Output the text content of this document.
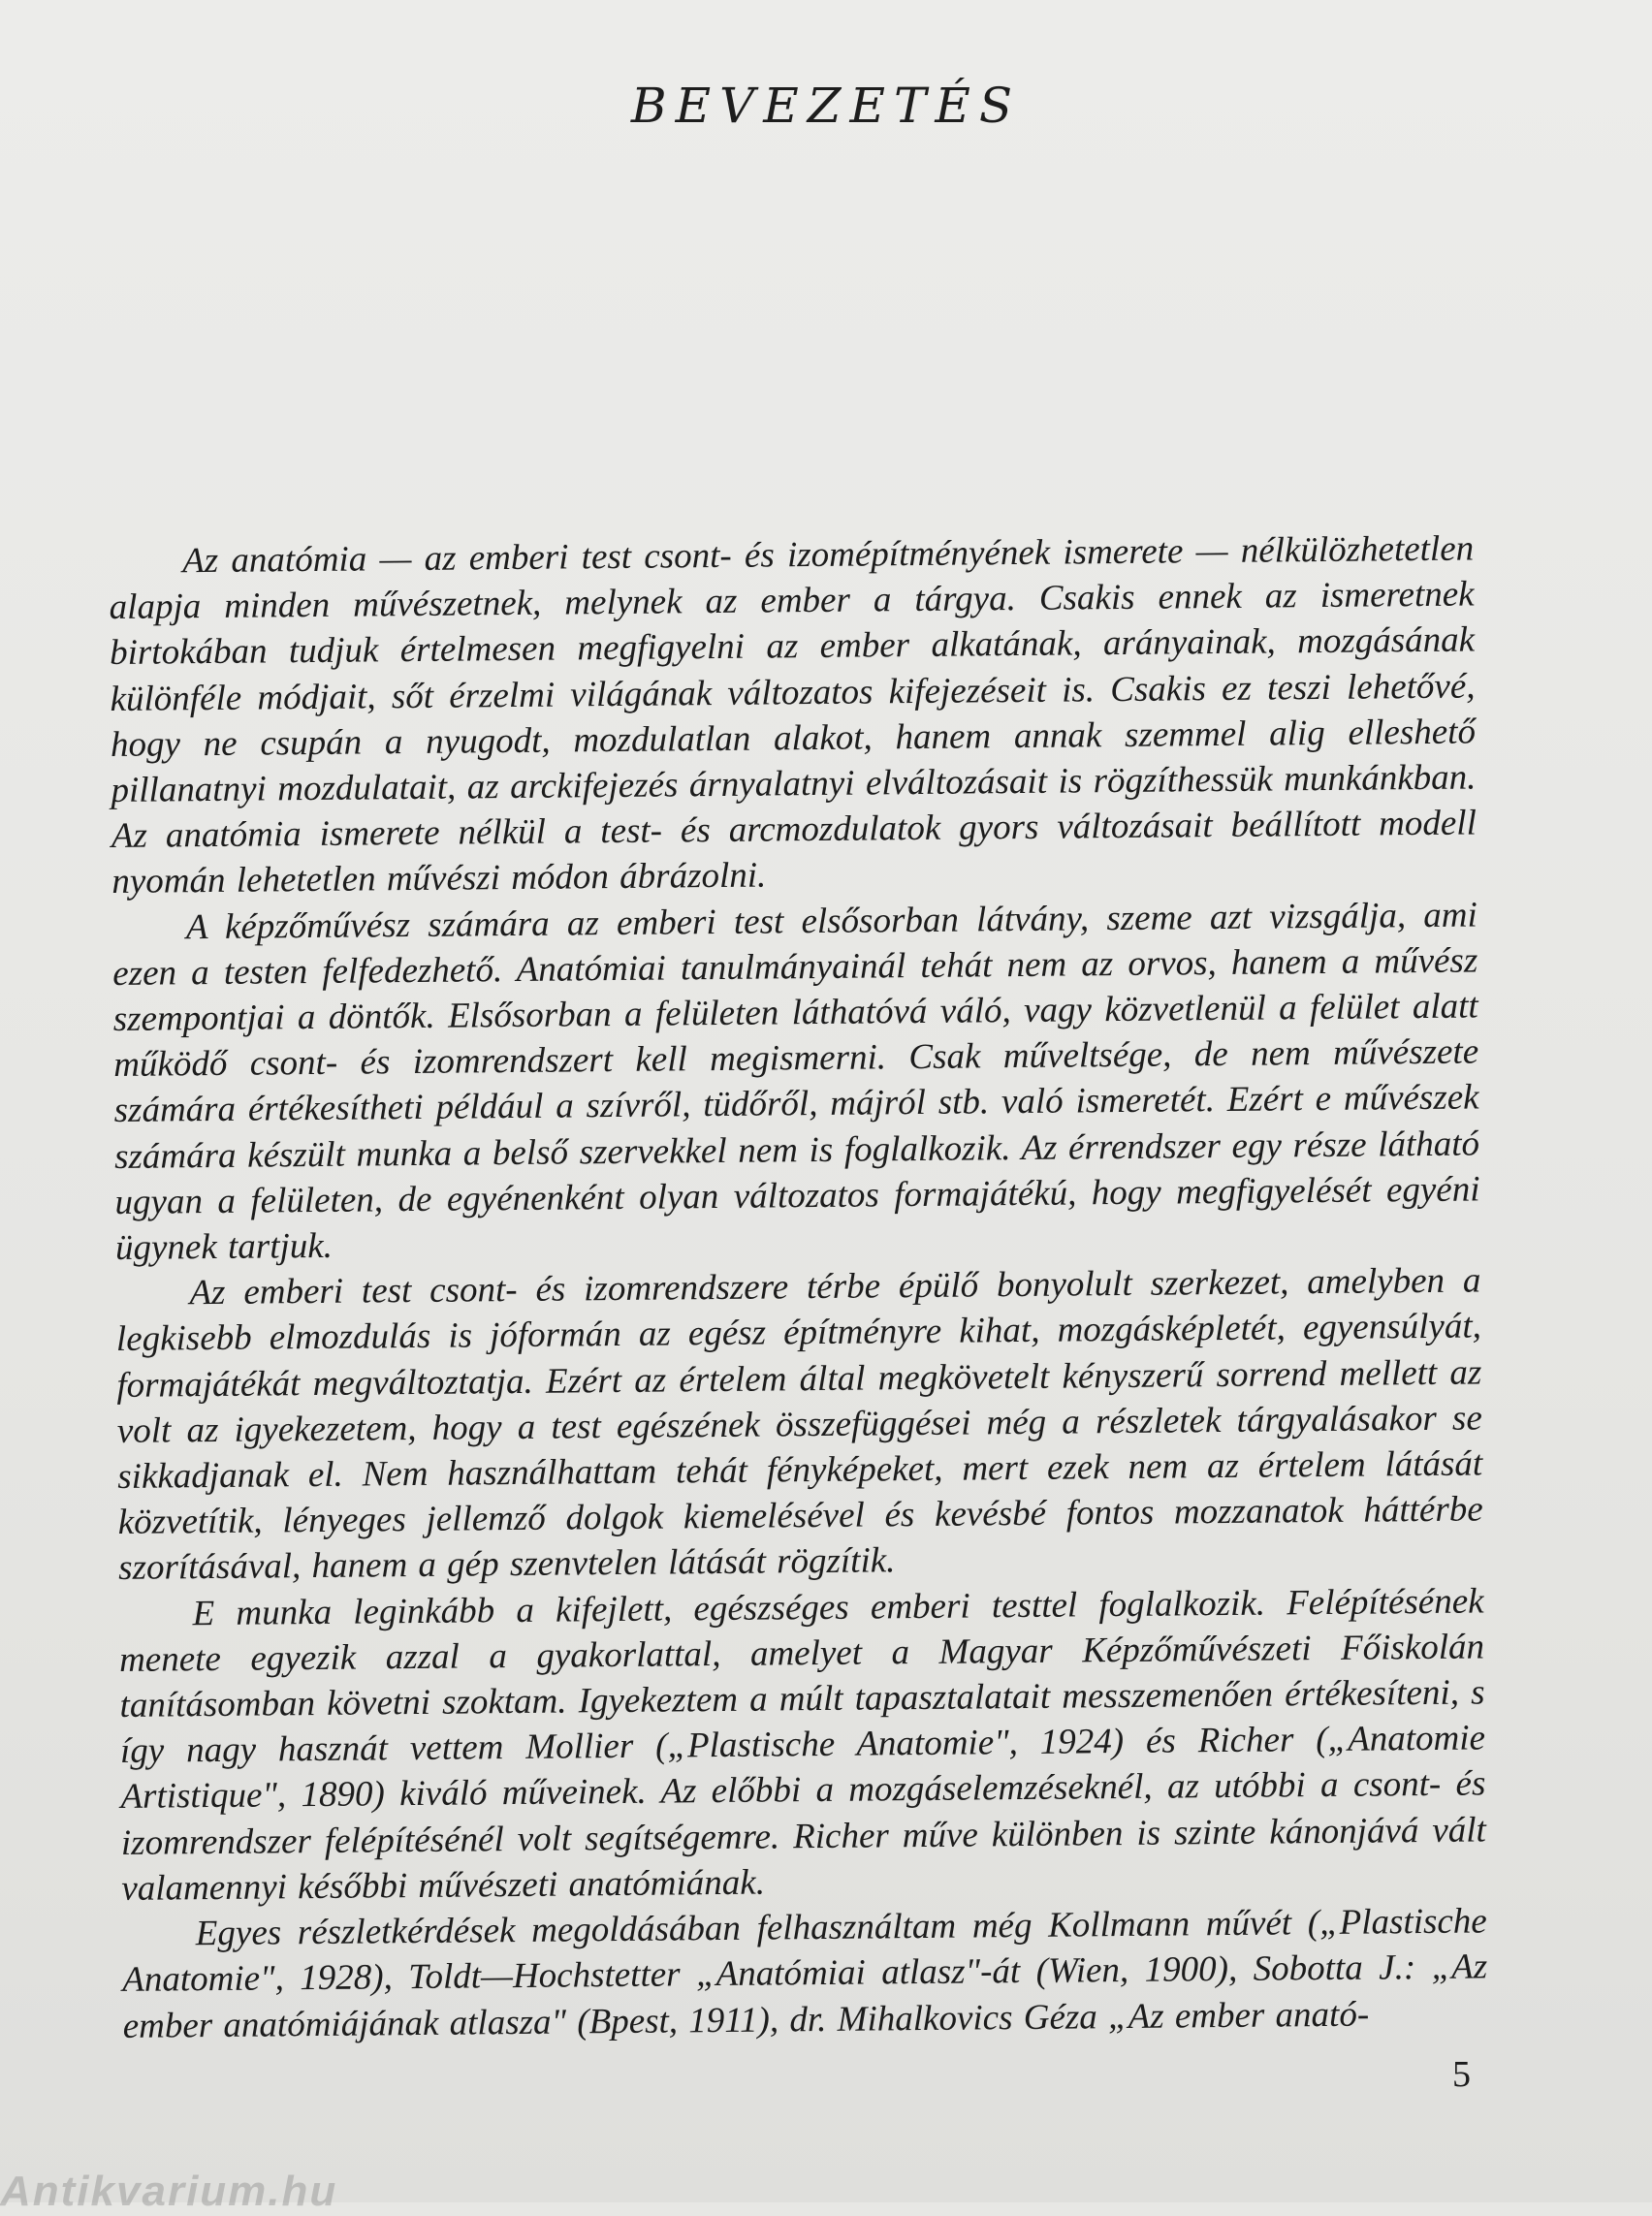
BEVEZETÉS

Az anatómia — az emberi test csont- és izomépítményének ismerete — nélkülözhetetlen alapja minden művészetnek, melynek az ember a tárgya. Csakis ennek az ismeretnek birtokában tudjuk értelmesen megfigyelni az ember alkatának, arányainak, mozgásának különféle módjait, sőt érzelmi világának változatos kifejezéseit is. Csakis ez teszi lehetővé, hogy ne csupán a nyugodt, mozdulatlan alakot, hanem annak szemmel alig elleshető pillanatnyi mozdulatait, az arckifejezés árnyalatnyi elváltozásait is rögzíthessük munkánkban. Az anatómia ismerete nélkül a test- és arcmozdulatok gyors változásait beállított modell nyomán lehetetlen művészi módon ábrázolni.

A képzőművész számára az emberi test elsősorban látvány, szeme azt vizsgálja, ami ezen a testen felfedezhető. Anatómiai tanulmányainál tehát nem az orvos, hanem a művész szempontjai a döntők. Elsősorban a felületen láthatóvá váló, vagy közvetlenül a felület alatt működő csont- és izomrendszert kell megismerni. Csak műveltsége, de nem művészete számára értékesítheti például a szívről, tüdőről, májról stb. való ismeretét. Ezért e művészek számára készült munka a belső szervekkel nem is foglalkozik. Az érrendszer egy része látható ugyan a felületen, de egyénenként olyan változatos formajátékú, hogy megfigyelését egyéni ügynek tartjuk.

Az emberi test csont- és izomrendszere térbe épülő bonyolult szerkezet, amelyben a legkisebb elmozdulás is jóformán az egész építményre kihat, mozgásképletét, egyensúlyát, formajátékát megváltoztatja. Ezért az értelem által megkövetelt kényszerű sorrend mellett az volt az igyekezetem, hogy a test egészének összefüggései még a részletek tárgyalásakor se sikkadjanak el. Nem használhattam tehát fényképeket, mert ezek nem az értelem látását közvetítik, lényeges jellemző dolgok kiemelésével és kevésbé fontos mozzanatok háttérbe szorításával, hanem a gép szenvtelen látását rögzítik.

E munka leginkább a kifejlett, egészséges emberi testtel foglalkozik. Felépítésének menete egyezik azzal a gyakorlattal, amelyet a Magyar Képzőművészeti Főiskolán tanításomban követni szoktam. Igyekeztem a múlt tapasztalatait messzemenően értékesíteni, s így nagy hasznát vettem Mollier („Plastische Anatomie", 1924) és Richer („Anatomie Artistique", 1890) kiváló műveinek. Az előbbi a mozgáselemzéseknél, az utóbbi a csont- és izomrendszer felépítésénél volt segítségemre. Richer műve különben is szinte kánonjává vált valamennyi későbbi művészeti anatómiának.

Egyes részletkérdések megoldásában felhasználtam még Kollmann művét („Plastische Anatomie", 1928), Toldt—Hochstetter „Anatómiai atlasz"-át (Wien, 1900), Sobotta J.: „Az ember anatómiájának atlasza" (Bpest, 1911), dr. Mihalkovics Géza „Az ember anató-

5
Antikvarium.hu
